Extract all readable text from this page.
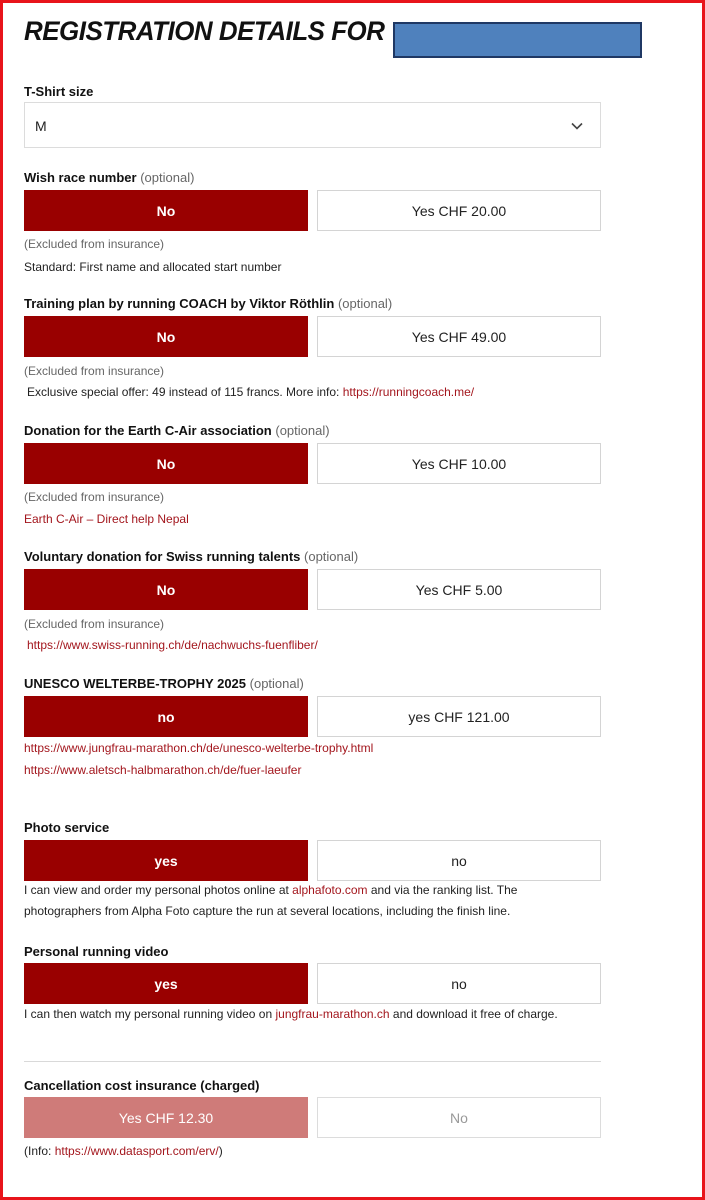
REGISTRATION DETAILS FOR
T-Shirt size
M
Wish race number (optional)
No	Yes CHF 20.00
(Excluded from insurance)
Standard: First name and allocated start number
Training plan by running COACH by Viktor Röthlin (optional)
No	Yes CHF 49.00
(Excluded from insurance)
Exclusive special offer: 49 instead of 115 francs. More info: https://runningcoach.me/
Donation for the Earth C-Air association (optional)
No	Yes CHF 10.00
(Excluded from insurance)
Earth C-Air – Direct help Nepal
Voluntary donation for Swiss running talents (optional)
No	Yes CHF 5.00
(Excluded from insurance)
https://www.swiss-running.ch/de/nachwuchs-fuenfliber/
UNESCO WELTERBE-TROPHY 2025 (optional)
no	yes CHF 121.00
https://www.jungfrau-marathon.ch/de/unesco-welterbe-trophy.html
https://www.aletsch-halbmarathon.ch/de/fuer-laeufer
Photo service
yes	no
I can view and order my personal photos online at alphafoto.com and via the ranking list. The photographers from Alpha Foto capture the run at several locations, including the finish line.
Personal running video
yes	no
I can then watch my personal running video on jungfrau-marathon.ch and download it free of charge.
Cancellation cost insurance (charged)
Yes CHF 12.30	No
(Info: https://www.datasport.com/erv/)
